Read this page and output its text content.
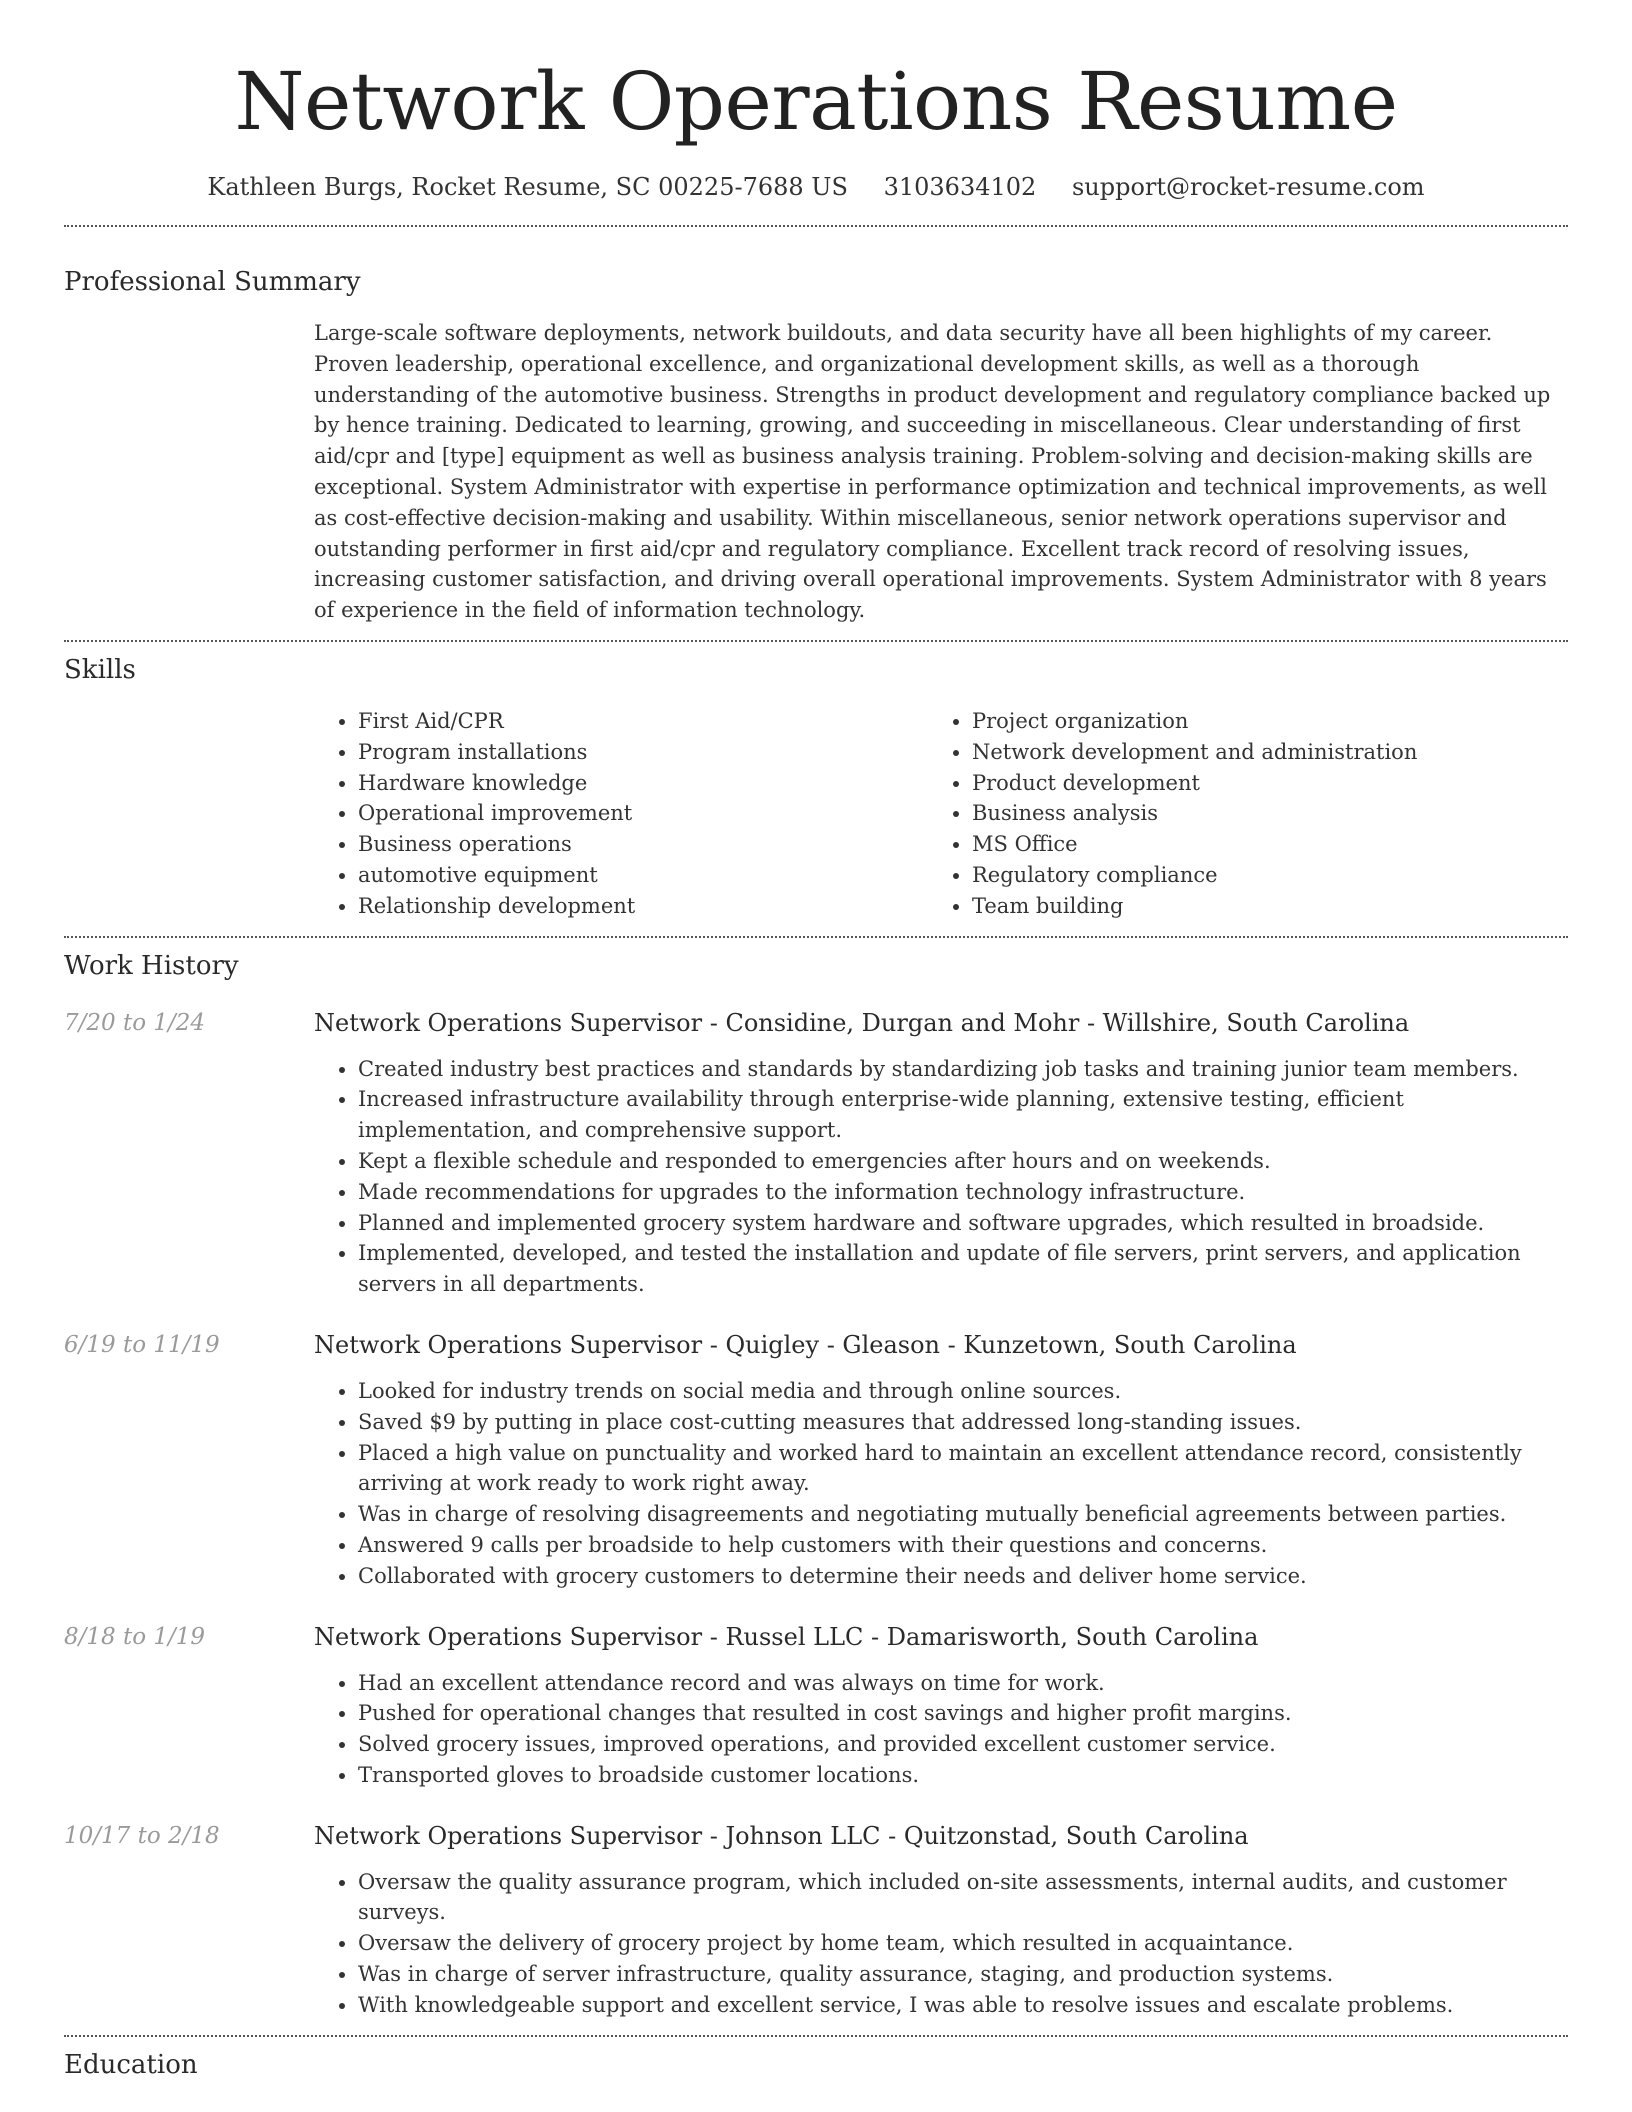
Network Operations Resume
Kathleen Burgs, Rocket Resume, SC 00225-7688 US 3103634102 support@rocket-resume.com
Professional Summary
Large-scale software deployments, network buildouts, and data security have all been highlights of my career. Proven leadership, operational excellence, and organizational development skills, as well as a thorough understanding of the automotive business. Strengths in product development and regulatory compliance backed up by hence training. Dedicated to learning, growing, and succeeding in miscellaneous. Clear understanding of first aid/cpr and [type] equipment as well as business analysis training. Problem-solving and decision-making skills are exceptional. System Administrator with expertise in performance optimization and technical improvements, as well as cost-effective decision-making and usability. Within miscellaneous, senior network operations supervisor and outstanding performer in first aid/cpr and regulatory compliance. Excellent track record of resolving issues, increasing customer satisfaction, and driving overall operational improvements. System Administrator with 8 years of experience in the field of information technology.
Skills
• First Aid/CPR
• Program installations
• Hardware knowledge
• Operational improvement
• Business operations
• automotive equipment
• Relationship development
• Project organization
• Network development and administration
• Product development
• Business analysis
• MS Office
• Regulatory compliance
• Team building
Work History
7/20 to 1/24	Network Operations Supervisor - Considine, Durgan and Mohr - Willshire, South Carolina
• Created industry best practices and standards by standardizing job tasks and training junior team members.
• Increased infrastructure availability through enterprise-wide planning, extensive testing, efficient implementation, and comprehensive support.
• Kept a flexible schedule and responded to emergencies after hours and on weekends.
• Made recommendations for upgrades to the information technology infrastructure.
• Planned and implemented grocery system hardware and software upgrades, which resulted in broadside.
• Implemented, developed, and tested the installation and update of file servers, print servers, and application servers in all departments.
6/19 to 11/19	Network Operations Supervisor - Quigley - Gleason - Kunzetown, South Carolina
• Looked for industry trends on social media and through online sources.
• Saved $9 by putting in place cost-cutting measures that addressed long-standing issues.
• Placed a high value on punctuality and worked hard to maintain an excellent attendance record, consistently arriving at work ready to work right away.
• Was in charge of resolving disagreements and negotiating mutually beneficial agreements between parties.
• Answered 9 calls per broadside to help customers with their questions and concerns.
• Collaborated with grocery customers to determine their needs and deliver home service.
8/18 to 1/19	Network Operations Supervisor - Russel LLC - Damarisworth, South Carolina
• Had an excellent attendance record and was always on time for work.
• Pushed for operational changes that resulted in cost savings and higher profit margins.
• Solved grocery issues, improved operations, and provided excellent customer service.
• Transported gloves to broadside customer locations.
10/17 to 2/18	Network Operations Supervisor - Johnson LLC - Quitzonstad, South Carolina
• Oversaw the quality assurance program, which included on-site assessments, internal audits, and customer surveys.
• Oversaw the delivery of grocery project by home team, which resulted in acquaintance.
• Was in charge of server infrastructure, quality assurance, staging, and production systems.
• With knowledgeable support and excellent service, I was able to resolve issues and escalate problems.
Education
